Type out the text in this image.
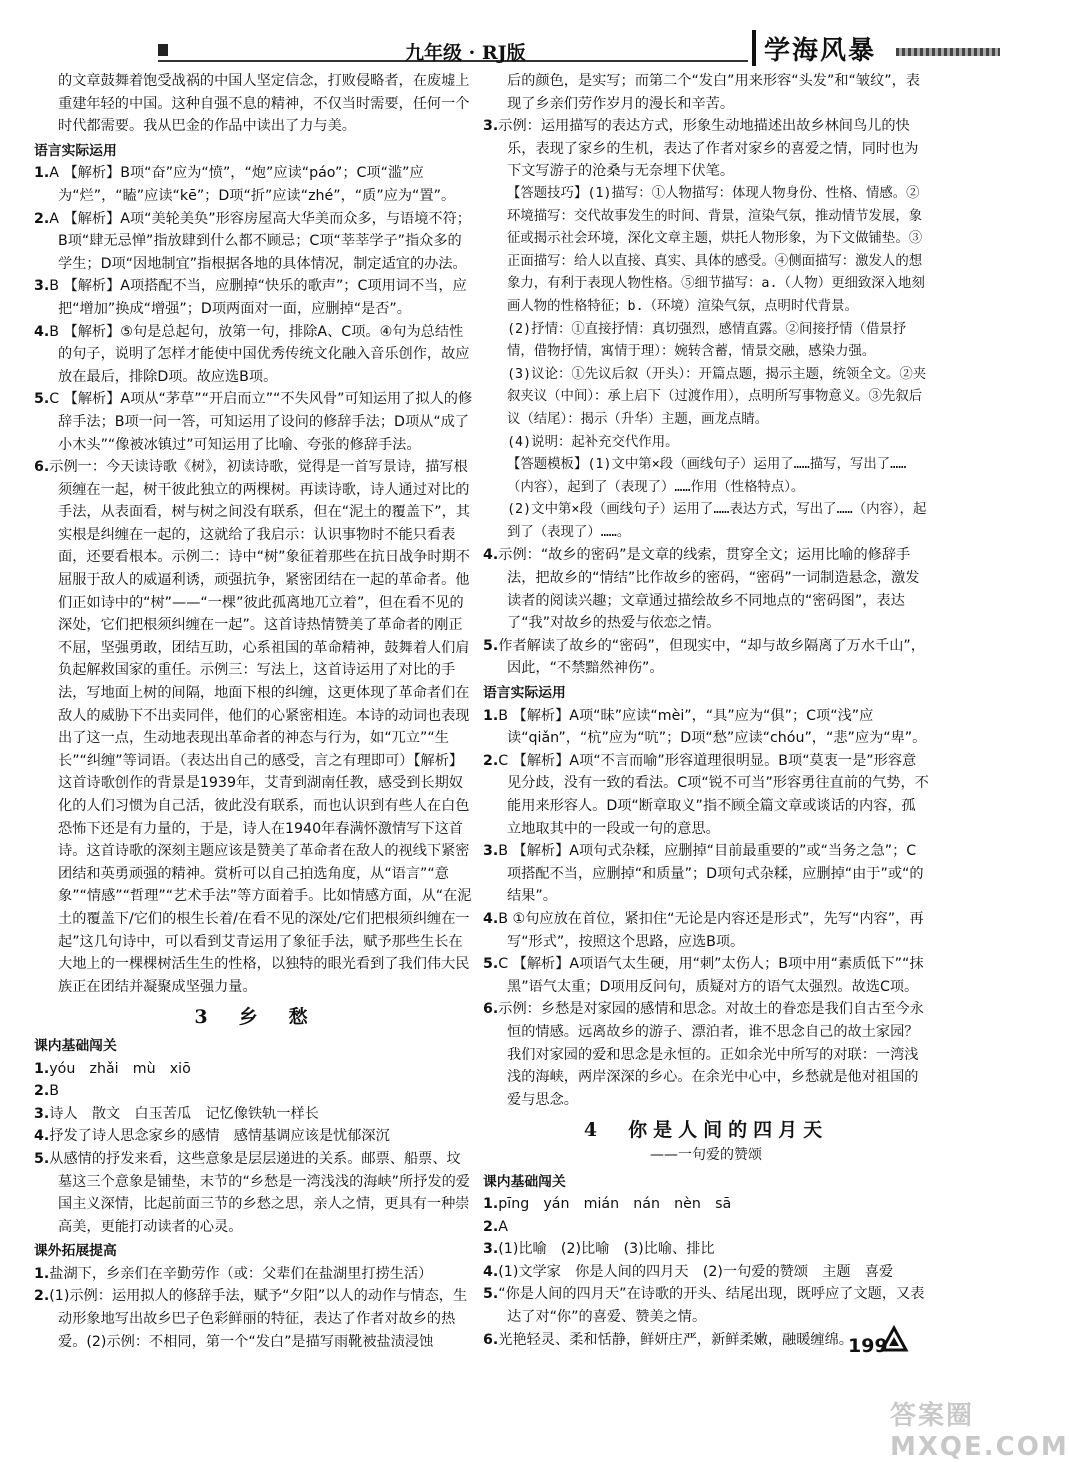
九年级 · RJ版	学海风暴

的文章鼓舞着饱受战祸的中国人坚定信念，打败侵略者，在废墟上重建年轻的中国。这种自强不息的精神，不仅当时需要，任何一个时代都需要。我从巴金的作品中读出了力与美。

语言实际运用

1.A 【解析】B项“奋”应为“愤”，“炮”应读“páo”；C项“滥”应为“烂”，“瞌”应读“kē”；D项“折”应读“zhé”，“质”应为“置”。

2.A 【解析】A项“美轮美奂”形容房屋高大华美而众多，与语境不符；B项“肆无忌惮”指放肆到什么都不顾忌；C项“莘莘学子”指众多的学生；D项“因地制宜”指根据各地的具体情况，制定适宜的办法。

3.B 【解析】A项搭配不当，应删掉“快乐的歌声”；C项用词不当，应把“增加”换成“增强”；D项两面对一面，应删掉“是否”。

4.B 【解析】⑤句是总起句，放第一句，排除A、C项。④句为总结性的句子，说明了怎样才能使中国优秀传统文化融入音乐创作，故应放在最后，排除D项。故应选B项。

5.C 【解析】A项从“茅草”“开启而立”“不失风骨”可知运用了拟人的修辞手法；B项一问一答，可知运用了设问的修辞手法；D项从“成了小木头”“像被冰镇过”可知运用了比喻、夸张的修辞手法。

6.示例一：今天读诗歌《树》，初读诗歌，觉得是一首写景诗，描写根须缠在一起，树干彼此独立的两棵树。再读诗歌，诗人通过对比的手法，从表面看，树与树之间没有联系，但在“泥土的覆盖下”，其实根是纠缠在一起的，这就给了我启示：认识事物时不能只看表面，还要看根本。示例二：诗中“树”象征着那些在抗日战争时期不屈服于敌人的威逼利诱，顽强抗争，紧密团结在一起的革命者。他们正如诗中的“树”——“一棵”彼此孤离地兀立着”，但在看不见的深处，它们把根须纠缠在一起”。这首诗热情赞美了革命者的刚正不屈，坚强勇敢，团结互助，心系祖国的革命精神，鼓舞着人们肩负起解救国家的重任。示例三：写法上，这首诗运用了对比的手法，写地面上树的间隔，地面下根的纠缠，这更体现了革命者们在敌人的威胁下不出卖同伴，他们的心紧密相连。本诗的动词也表现出了这一点，生动地表现出革命者的神态与行为，如“兀立”“生长”“纠缠”等词语。（表达出自己的感受，言之有理即可）【解析】这首诗歌创作的背景是1939年，艾青到湖南任教，感受到长期奴化的人们习惯为自己活，彼此没有联系，而也认识到有些人在白色恐怖下还是有力量的，于是，诗人在1940年春满怀激情写下这首诗。这首诗歌的深刻主题应该是赞美了革命者在敌人的视线下紧密团结和英勇顽强的精神。赏析可以自己拍选角度，从“语言”“意象”“情感”“哲理”“艺术手法”等方面着手。比如情感方面，从“在泥土的覆盖下/它们的根生长着/在看不见的深处/它们把根须纠缠在一起”这几句诗中，可以看到艾青运用了象征手法，赋予那些生长在大地上的一棵棵树活生生的性格，以独特的眼光看到了我们伟大民族正在团结并凝聚成坚强力量。

3　乡　愁
课内基础闯关

1.yóu　zhǎi　mù　xiō

2.B

3.诗人　散文　白玉苦瓜　记忆像铁轨一样长

4.抒发了诗人思念家乡的感情　感情基调应该是忧郁深沉

5.从感情的抒发来看，这些意象是层层递进的关系。邮票、船票、坟墓这三个意象是铺垫，末节的“乡愁是一湾浅浅的海峡”所抒发的爱国主义深情，比起前面三节的乡愁之思，亲人之情，更具有一种崇高美，更能打动读者的心灵。

课外拓展提高

1.盐湖下，乡亲们在辛勤劳作（或：父辈们在盐湖里打捞生活）

2.(1)示例：运用拟人的修辞手法，赋予“夕阳”以人的动作与情态，生动形象地写出故乡巴子色彩鲜丽的特征，表达了作者对故乡的热爱。(2)示例：不相同，第一个“发白”是描写雨靴被盐渍浸蚀

后的颜色，是实写；而第二个“发白”用来形容“头发”和“皱纹”，表现了乡亲们劳作岁月的漫长和辛苦。

3.示例：运用描写的表达方式，形象生动地描述出故乡林间鸟儿的快乐，表现了家乡的生机，表达了作者对家乡的喜爱之情，同时也为下文写游子的沧桑与无奈埋下伏笔。

【答题技巧】(1)描写：①人物描写：体现人物身份、性格、情感。②环境描写：交代故事发生的时间、背景，渲染气氛，推动情节发展，象征或揭示社会环境，深化文章主题，烘托人物形象，为下文做铺垫。③正面描写：给人以直接、真实、具体的感受。④侧面描写：激发人的想象力，有利于表现人物性格。⑤细节描写：a.（人物）更细致深入地刻画人物的性格特征；b.（环境）渲染气氛，点明时代背景。

(2)抒情：①直接抒情：真切强烈，感情直露。②间接抒情（借景抒情，借物抒情，寓情于理）：婉转含蓄，情景交融，感染力强。

(3)议论：①先议后叙（开头）：开篇点题，揭示主题，统领全文。②夹叙夹议（中间）：承上启下（过渡作用），点明所写事物意义。③先叙后议（结尾）：揭示（升华）主题，画龙点睛。

(4)说明：起补充交代作用。

【答题模板】(1)文中第×段（画线句子）运用了……描写，写出了……（内容），起到了（表现了）……作用（性格特点）。

(2)文中第×段（画线句子）运用了……表达方式，写出了……（内容），起到了（表现了）……。

4.示例：“故乡的密码”是文章的线索，贯穿全文；运用比喻的修辞手法，把故乡的“情结”比作故乡的密码，“密码”一词制造悬念，激发读者的阅读兴趣；文章通过描绘故乡不同地点的“密码图”，表达了“我”对故乡的热爱与依恋之情。

5.作者解读了故乡的“密码”，但现实中，“却与故乡隔离了万水千山”，因此，“不禁黯然神伤”。

语言实际运用

1.B 【解析】A项“昧”应读“mèi”，“具”应为“俱”；C项“浅”应读“qiǎn”，“杭”应为“吭”；D项“愁”应读“chóu”，“悲”应为“卑”。

2.C 【解析】A项“不言而喻”形容道理很明显。B项“莫衷一是”形容意见分歧，没有一致的看法。C项“锐不可当”形容勇往直前的气势，不能用来形容人。D项“断章取义”指不顾全篇文章或谈话的内容，孤立地取其中的一段或一句的意思。

3.B 【解析】A项句式杂糅，应删掉“目前最重要的”或“当务之急”；C项搭配不当，应删掉“和质量”；D项句式杂糅，应删掉“由于”或“的结果”。

4.B ①句应放在首位，紧扣住“无论是内容还是形式”，先写“内容”，再写“形式”，按照这个思路，应选B项。

5.C 【解析】A项语气太生硬，用“刺”太伤人；B项中用“素质低下”“抹黑”语气太重；D项用反问句，质疑对方的语气太强烈。故选C项。

6.示例：乡愁是对家园的感情和思念。对故土的眷恋是我们自古至今永恒的情感。远离故乡的游子、漂泊者，谁不思念自己的故土家园？我们对家园的爱和思念是永恒的。正如余光中所写的对联：一湾浅浅的海峡，两岸深深的乡心。在余光中心中，乡愁就是他对祖国的爱与思念。

4　你是人间的四月天
——一句爱的赞颂
课内基础闯关

1.pīng　yán　mián　nán　nèn　sā

2.A

3.(1)比喻　(2)比喻　(3)比喻、排比

4.(1)文学家　你是人间的四月天　(2)一句爱的赞颂　主题　喜爱

5.“你是人间的四月天”在诗歌的开头、结尾出现，既呼应了文题，又表达了对“你”的喜爱、赞美之情。

6.光艳轻灵、柔和恬静，鲜妍庄严，新鲜柔嫩，融暖缠绵。

199
答案圈 MXQE.COM
